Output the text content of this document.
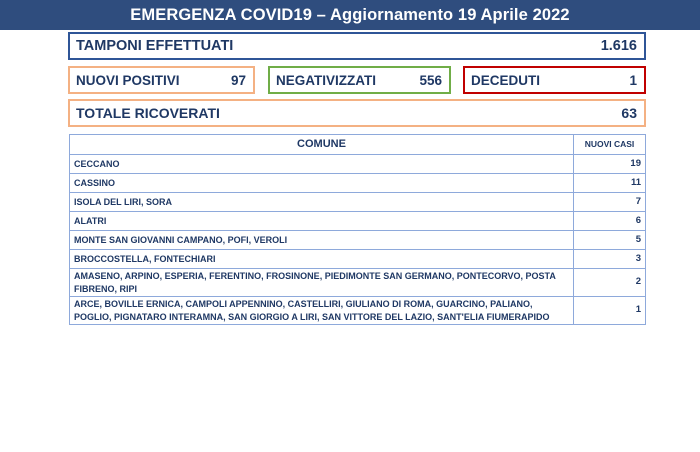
EMERGENZA COVID19 – Aggiornamento 19 Aprile 2022
TAMPONI EFFETTUATI	1.616
NUOVI POSITIVI	97 NEGATIVIZZATI	556 DECEDUTI	1
TOTALE RICOVERATI	63
COMUNE	NUOVI CASI
CECCANO	19
CASSINO	11
ISOLA DEL LIRI, SORA	7
ALATRI	6
MONTE SAN GIOVANNI CAMPANO, POFI, VEROLI	5
BROCCOSTELLA, FONTECHIARI	3
AMASENO, ARPINO, ESPERIA, FERENTINO, FROSINONE, PIEDIMONTE SAN GERMANO, PONTECORVO, POSTA FIBRENO, RIPI	2
ARCE, BOVILLE ERNICA, CAMPOLI APPENNINO, CASTELLIRI, GIULIANO DI ROMA, GUARCINO, PALIANO, POGLIO, PIGNATARO INTERAMNA, SAN GIORGIO A LIRI, SAN VITTORE DEL LAZIO, SANT'ELIA FIUMERAPIDO	1
